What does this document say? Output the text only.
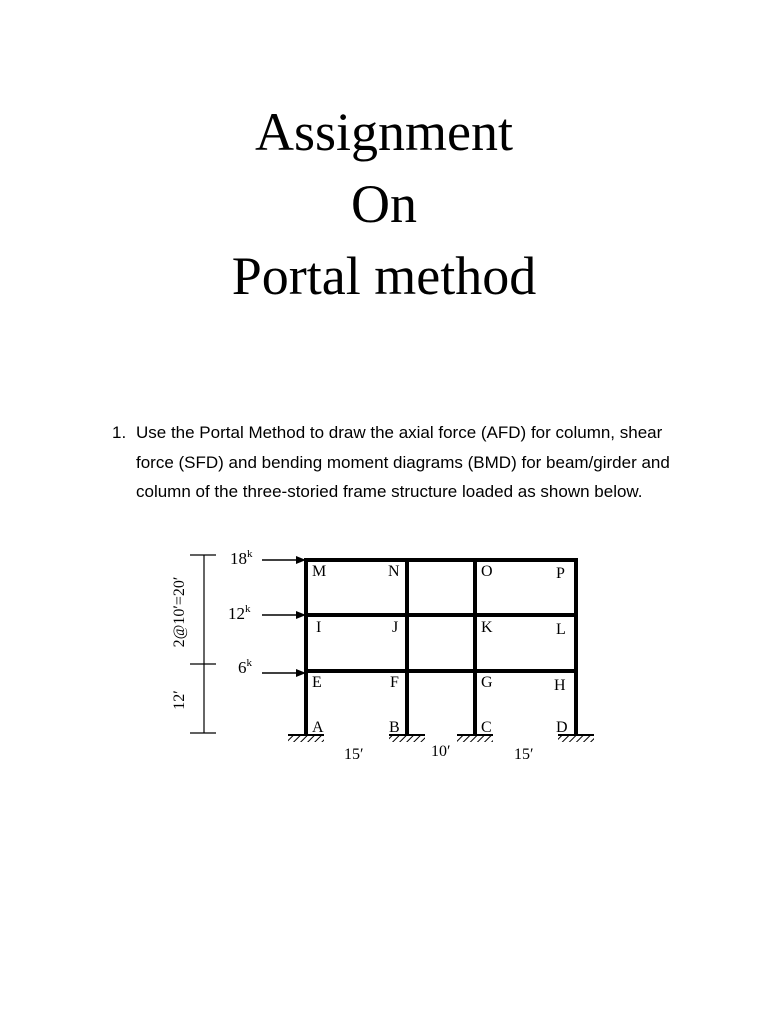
Assignment
On
Portal method
1. Use the Portal Method to draw the axial force (AFD) for column, shear force (SFD) and bending moment diagrams (BMD) for beam/girder and column of the three-storied frame structure loaded as shown below.
2@10′=20′
12′
18$^k$
12$^k$
6$^k$
M	N	O	P
I	J	K	L
E	F	G	H
A	B	C	D
15′	10′	15′
